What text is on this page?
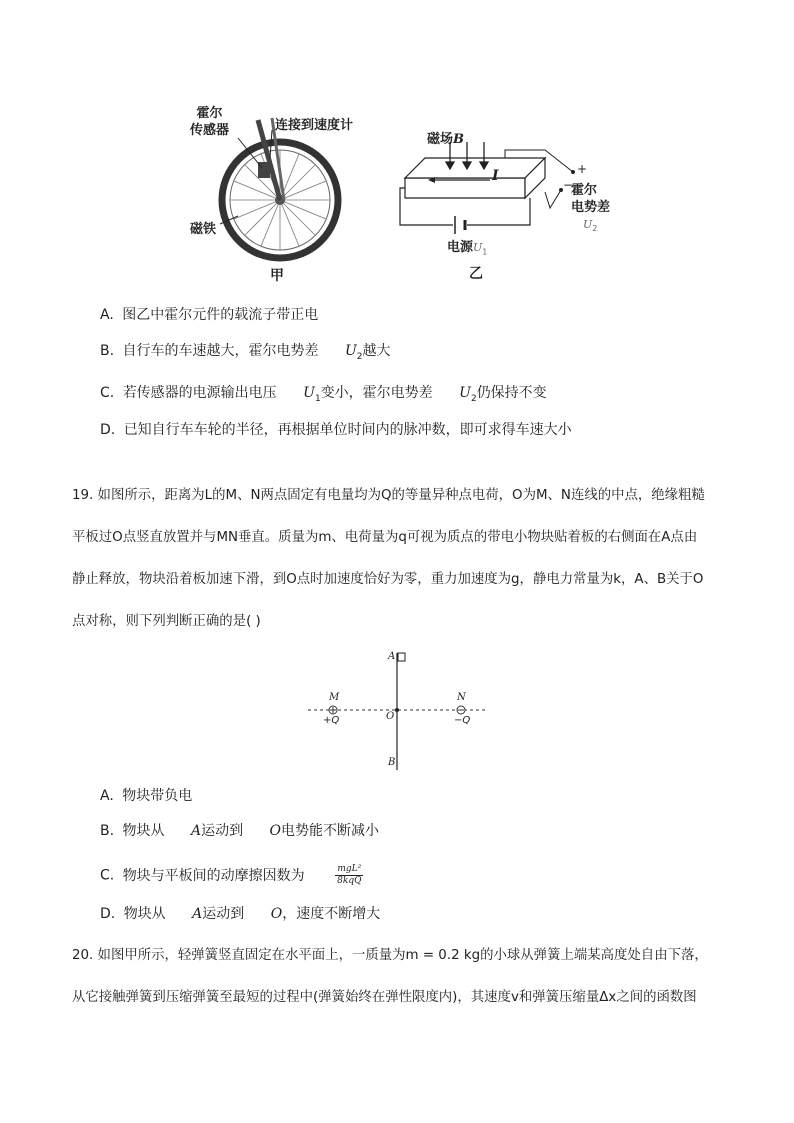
霍尔
传感器	连接到速度计
磁铁
甲
磁场B
I	+
−
霍尔
电势差
$U_2$
电源$U_1$
乙
A. 图乙中霍尔元件的载流子带正电
B. 自行车的车速越大，霍尔电势差 $U_2$越大
C. 若传感器的电源输出电压 $U_1$变小，霍尔电势差 $U_2$仍保持不变
D. 已知自行车车轮的半径，再根据单位时间内的脉冲数，即可求得车速大小
19. 如图所示，距离为L的M、N两点固定有电量均为Q的等量异种点电荷，O为M、N连线的中点，绝缘粗糙
平板过O点竖直放置并与MN垂直。质量为m、电荷量为q可视为质点的带电小物块贴着板的右侧面在A点由
静止释放，物块沿着板加速下滑，到O点时加速度恰好为零，重力加速度为g，静电力常量为k，A、B关于O
点对称，则下列判断正确的是( )
A
B
O
M	N
+Q	−Q
A. 物块带负电
B. 物块从 A运动到 O电势能不断减小
C. 物块与平板间的动摩擦因数为	mgL²
8kqQ
D. 物块从 A运动到 O，速度不断增大
20. 如图甲所示，轻弹簧竖直固定在水平面上，一质量为m = 0.2 kg的小球从弹簧上端某高度处自由下落，
从它接触弹簧到压缩弹簧至最短的过程中(弹簧始终在弹性限度内)，其速度v和弹簧压缩量Δx之间的函数图
